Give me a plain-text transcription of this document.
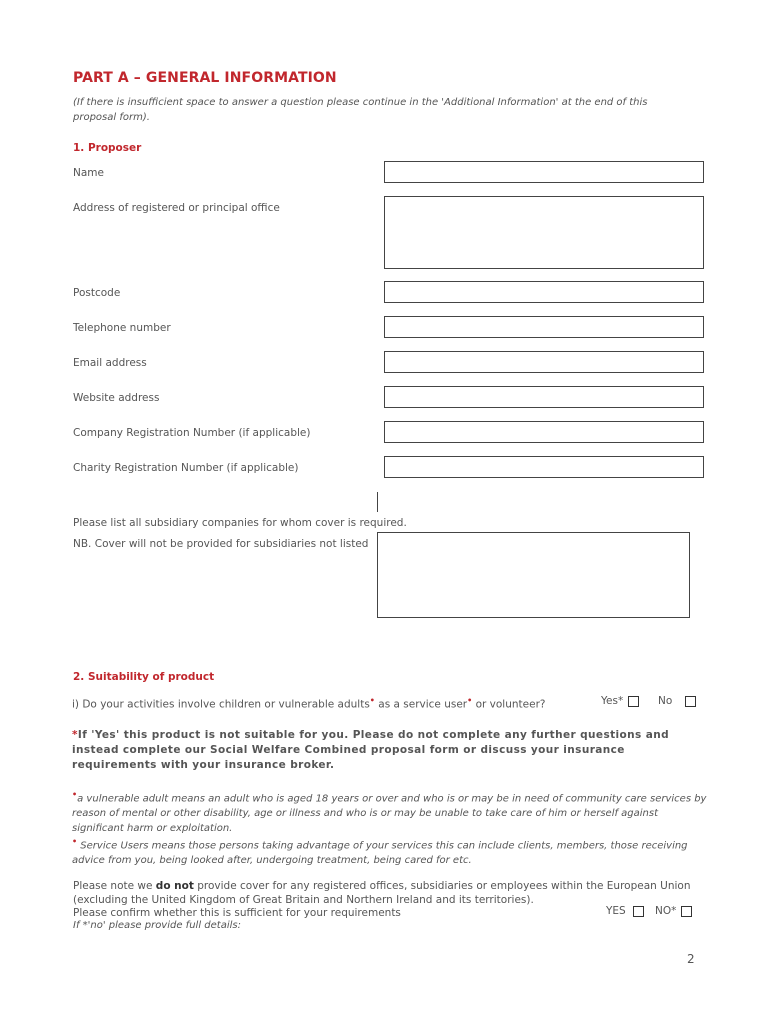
PART A – GENERAL INFORMATION
(If there is insufficient space to answer a question please continue in the 'Additional Information' at the end of this proposal form).
1. Proposer
Name
Address of registered or principal office
Postcode
Telephone number
Email address
Website address
Company Registration Number (if applicable)
Charity Registration Number (if applicable)
Please list all subsidiary companies for whom cover is required.
NB. Cover will not be provided for subsidiaries not listed
2. Suitability of product
i) Do your activities involve children or vulnerable adults• as a service user• or volunteer?	Yes*	No
*If 'Yes' this product is not suitable for you. Please do not complete any further questions and instead complete our Social Welfare Combined proposal form or discuss your insurance requirements with your insurance broker.
•a vulnerable adult means an adult who is aged 18 years or over and who is or may be in need of community care services by reason of mental or other disability, age or illness and who is or may be unable to take care of him or herself against significant harm or exploitation.
• Service Users means those persons taking advantage of your services this can include clients, members, those receiving advice from you, being looked after, undergoing treatment, being cared for etc.
Please note we do not provide cover for any registered offices, subsidiaries or employees within the European Union (excluding the United Kingdom of Great Britain and Northern Ireland and its territories).
Please confirm whether this is sufficient for your requirements	YES	NO*
If *'no' please provide full details:
2
